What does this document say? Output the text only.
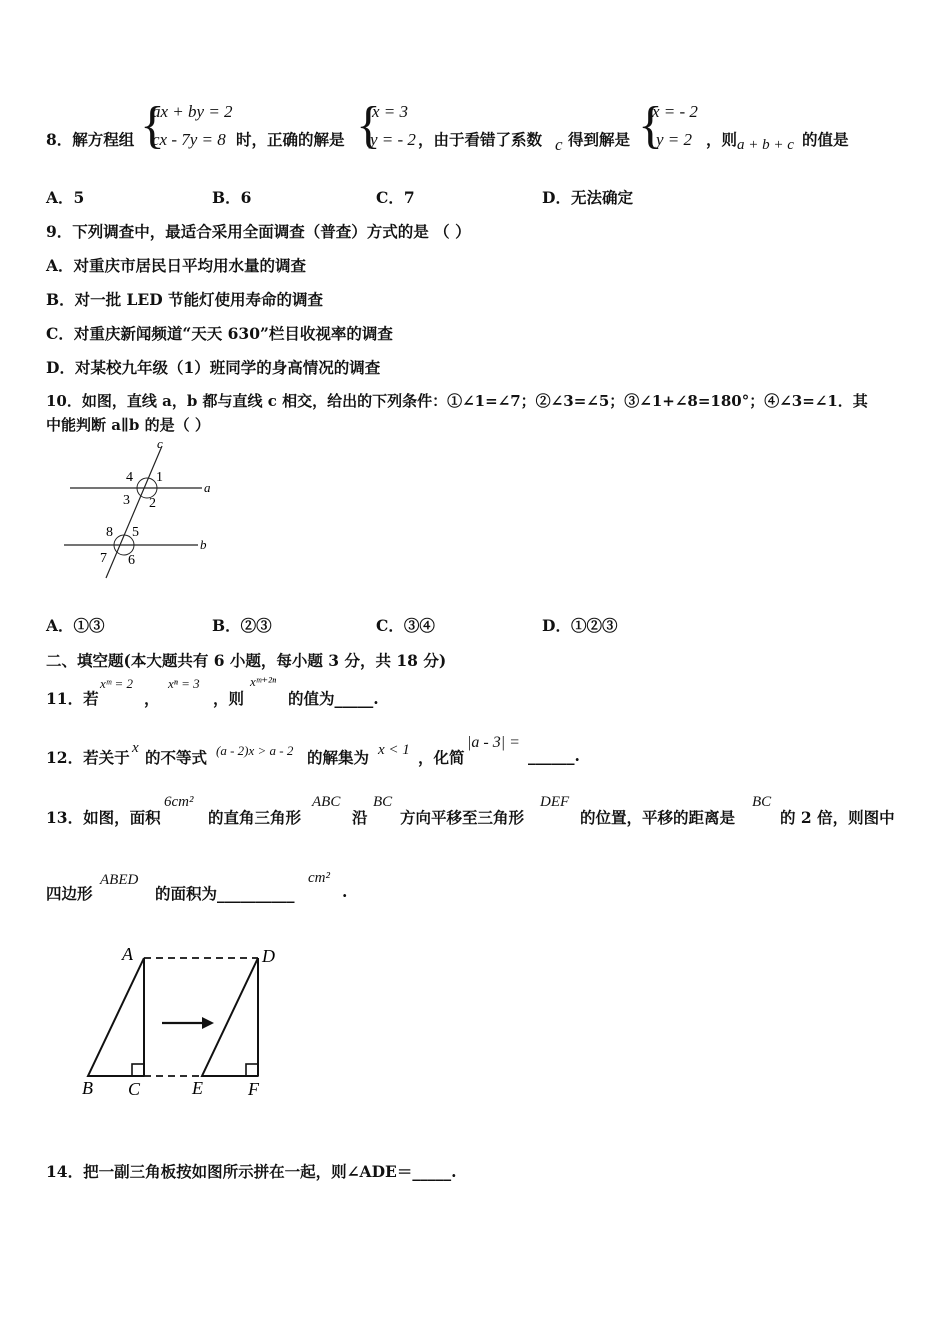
8．解方程组 {
ax + by = 2
cx - 7y = 8 时，正确的解是 {
x = 3
y = - 2 ，由于看错了系数 c 得到解是 {
x = - 2
y = 2 ，则 a + b + c 的值是
A．5	B．6	C．7	D．无法确定
9．下列调查中，最适合采用全面调查（普查）方式的是 （ ）
A．对重庆市居民日平均用水量的调查
B．对一批 LED 节能灯使用寿命的调查
C．对重庆新闻频道“天天 630”栏目收视率的调查
D．对某校九年级（1）班同学的身高情况的调查
10．如图，直线 a，b 都与直线 c 相交，给出的下列条件：①∠1=∠7；②∠3=∠5；③∠1+∠8=180°；④∠3=∠1．其
中能判断 a∥b 的是（ ）
c
a
b
4 1
3 2
8 5
7 6
A．①③	B．②③	C．③④	D．①②③
二、填空题(本大题共有 6 小题，每小题 3 分，共 18 分)
11．若
xᵐ = 2
，
xⁿ = 3
，则
xᵐ⁺²ⁿ
的值为_____.
12．若关于 x 的不等式 (a - 2)x > a - 2 的解集为 x < 1 ，化简
|a - 3| =
______.
13．如图，面积
6cm²
的直角三角形
ABC
沿
BC
方向平移至三角形
DEF
的位置，平移的距离是
BC
的 2 倍，则图中
四边形
ABED
的面积为__________
cm²
.
A	D
B C	E	F
14．把一副三角板按如图所示拼在一起，则∠ADE＝_____.
